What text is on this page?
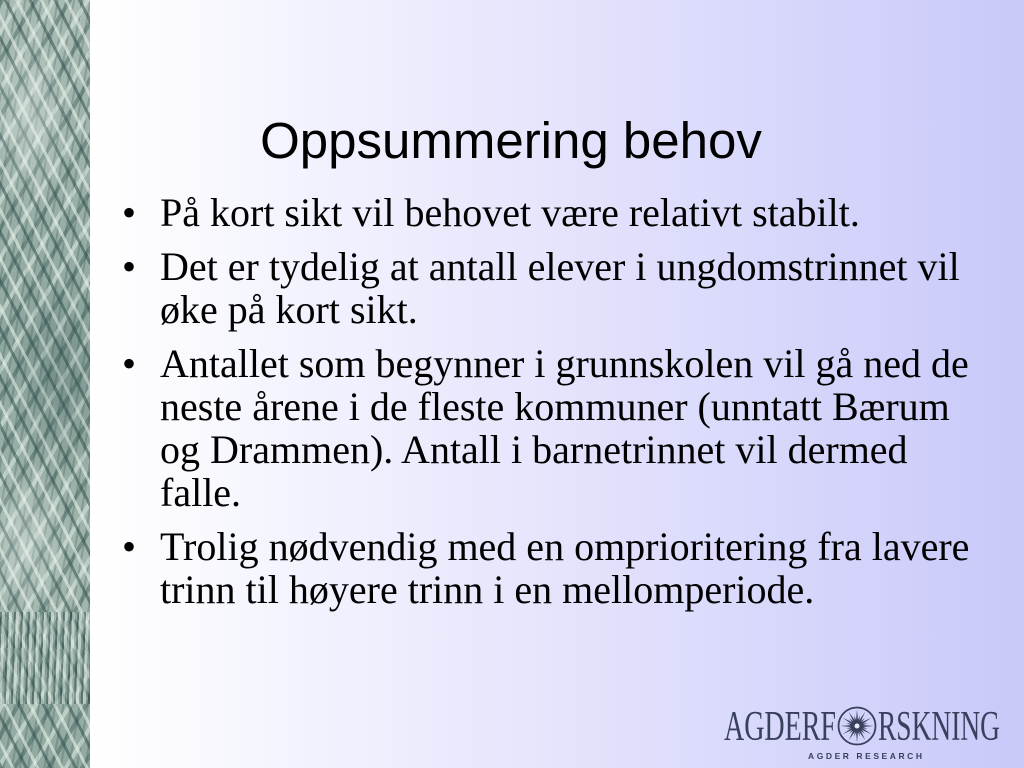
Oppsummering behov
• På kort sikt vil behovet være relativt stabilt.
• Det er tydelig at antall elever i ungdomstrinnet vil
øke på kort sikt.
• Antallet som begynner i grunnskolen vil gå ned de
neste årene i de fleste kommuner (unntatt Bærum
og Drammen). Antall i barnetrinnet vil dermed
falle.
• Trolig nødvendig med en omprioritering fra lavere
trinn til høyere trinn i en mellomperiode.
AGDERF RSKNING
AGDER RESEARCH
